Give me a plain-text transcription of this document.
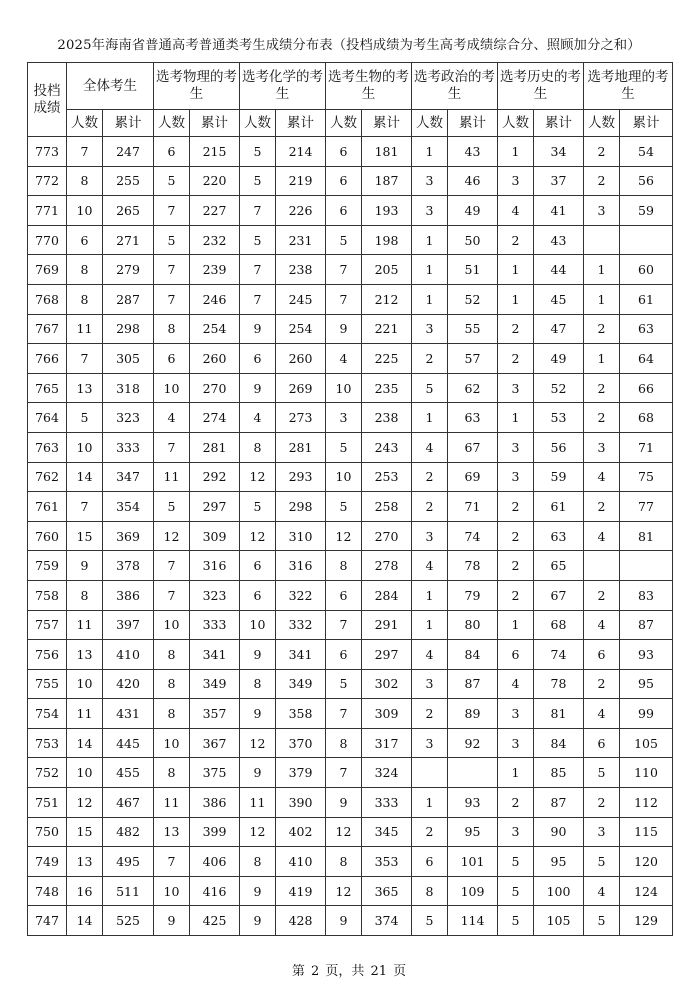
2025年海南省普通高考普通类考生成绩分布表（投档成绩为考生高考成绩综合分、照顾加分之和）
投档成绩	全体考生		选考物理的考生		选考化学的考生		选考生物的考生		选考政治的考生		选考历史的考生		选考地理的考生	
	人数	累计	人数	累计	人数	累计	人数	累计	人数	累计	人数	累计	人数	累计
773	7	247	6	215	5	214	6	181	1	43	1	34	2	54
772	8	255	5	220	5	219	6	187	3	46	3	37	2	56
771	10	265	7	227	7	226	6	193	3	49	4	41	3	59
770	6	271	5	232	5	231	5	198	1	50	2	43		
769	8	279	7	239	7	238	7	205	1	51	1	44	1	60
768	8	287	7	246	7	245	7	212	1	52	1	45	1	61
767	11	298	8	254	9	254	9	221	3	55	2	47	2	63
766	7	305	6	260	6	260	4	225	2	57	2	49	1	64
765	13	318	10	270	9	269	10	235	5	62	3	52	2	66
764	5	323	4	274	4	273	3	238	1	63	1	53	2	68
763	10	333	7	281	8	281	5	243	4	67	3	56	3	71
762	14	347	11	292	12	293	10	253	2	69	3	59	4	75
761	7	354	5	297	5	298	5	258	2	71	2	61	2	77
760	15	369	12	309	12	310	12	270	3	74	2	63	4	81
759	9	378	7	316	6	316	8	278	4	78	2	65		
758	8	386	7	323	6	322	6	284	1	79	2	67	2	83
757	11	397	10	333	10	332	7	291	1	80	1	68	4	87
756	13	410	8	341	9	341	6	297	4	84	6	74	6	93
755	10	420	8	349	8	349	5	302	3	87	4	78	2	95
754	11	431	8	357	9	358	7	309	2	89	3	81	4	99
753	14	445	10	367	12	370	8	317	3	92	3	84	6	105
752	10	455	8	375	9	379	7	324			1	85	5	110
751	12	467	11	386	11	390	9	333	1	93	2	87	2	112
750	15	482	13	399	12	402	12	345	2	95	3	90	3	115
749	13	495	7	406	8	410	8	353	6	101	5	95	5	120
748	16	511	10	416	9	419	12	365	8	109	5	100	4	124
747	14	525	9	425	9	428	9	374	5	114	5	105	5	129
第 2 页，共 21 页
